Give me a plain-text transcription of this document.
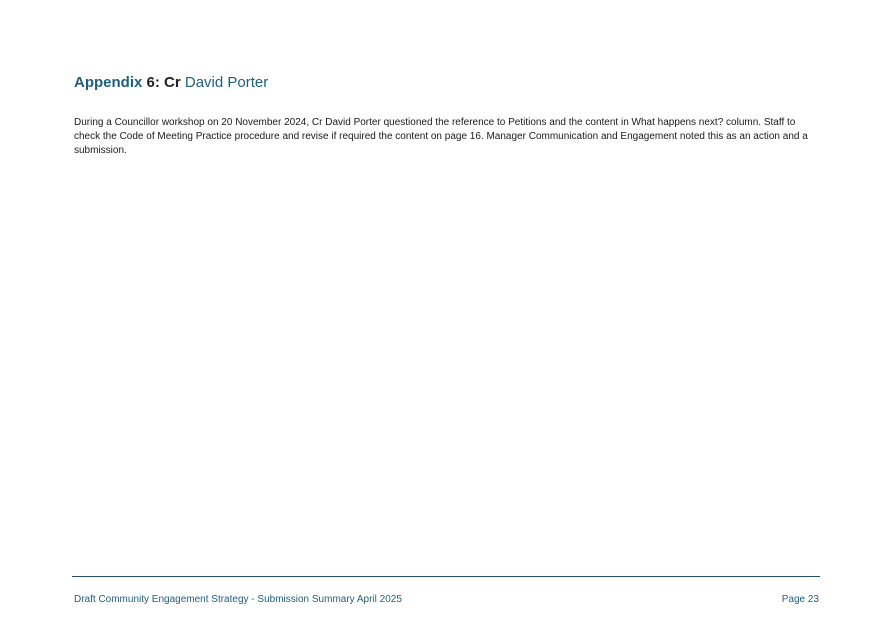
Appendix 6: Cr David Porter

During a Councillor workshop on 20 November 2024, Cr David Porter questioned the reference to Petitions and the content in What happens next? column. Staff to check the Code of Meeting Practice procedure and revise if required the content on page 16. Manager Communication and Engagement noted this as an action and a submission.

Draft Community Engagement Strategy - Submission Summary April 2025	Page 23
